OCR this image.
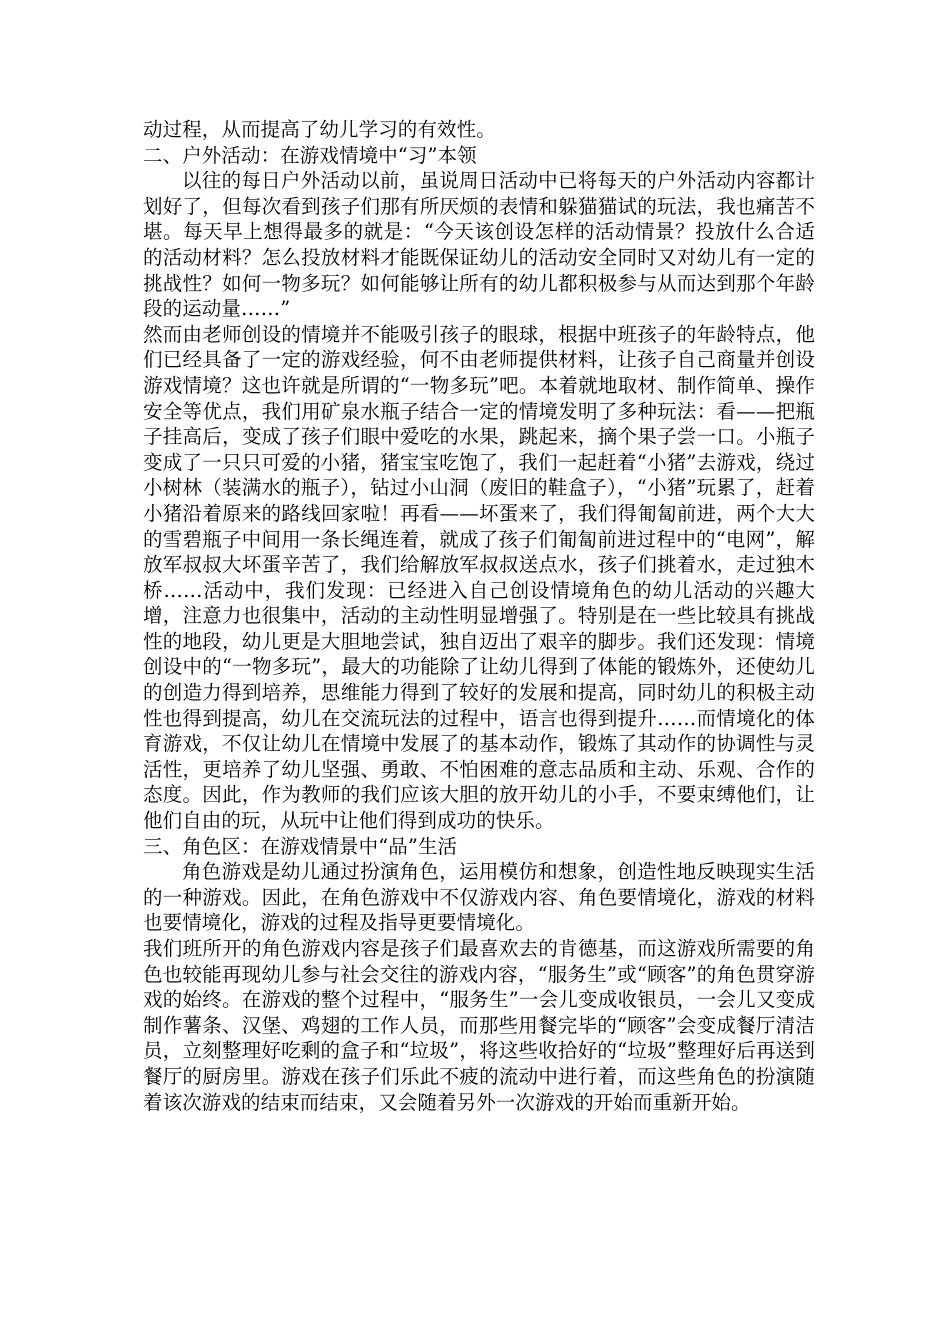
动过程，从而提高了幼儿学习的有效性。

二、户外活动：在游戏情境中“习”本领

以往的每日户外活动以前，虽说周日活动中已将每天的户外活动内容都计划好了，但每次看到孩子们那有所厌烦的表情和躲猫猫试的玩法，我也痛苦不堪。每天早上想得最多的就是：“今天该创设怎样的活动情景？投放什么合适的活动材料？怎么投放材料才能既保证幼儿的活动安全同时又对幼儿有一定的挑战性？如何一物多玩？如何能够让所有的幼儿都积极参与从而达到那个年龄段的运动量……”

然而由老师创设的情境并不能吸引孩子的眼球，根据中班孩子的年龄特点，他们已经具备了一定的游戏经验，何不由老师提供材料，让孩子自己商量并创设游戏情境？这也许就是所谓的“一物多玩”吧。本着就地取材、制作简单、操作安全等优点，我们用矿泉水瓶子结合一定的情境发明了多种玩法：看——把瓶子挂高后，变成了孩子们眼中爱吃的水果，跳起来，摘个果子尝一口。小瓶子变成了一只只可爱的小猪，猪宝宝吃饱了，我们一起赶着“小猪”去游戏，绕过小树林（装满水的瓶子），钻过小山洞（废旧的鞋盒子），“小猪”玩累了，赶着小猪沿着原来的路线回家啦！再看——坏蛋来了，我们得匍匐前进，两个大大的雪碧瓶子中间用一条长绳连着，就成了孩子们匍匐前进过程中的“电网”，解放军叔叔大坏蛋辛苦了，我们给解放军叔叔送点水，孩子们挑着水，走过独木桥……活动中，我们发现：已经进入自己创设情境角色的幼儿活动的兴趣大增，注意力也很集中，活动的主动性明显增强了。特别是在一些比较具有挑战性的地段，幼儿更是大胆地尝试，独自迈出了艰辛的脚步。我们还发现：情境创设中的“一物多玩”，最大的功能除了让幼儿得到了体能的锻炼外，还使幼儿的创造力得到培养，思维能力得到了较好的发展和提高，同时幼儿的积极主动性也得到提高，幼儿在交流玩法的过程中，语言也得到提升……而情境化的体育游戏，不仅让幼儿在情境中发展了的基本动作，锻炼了其动作的协调性与灵活性，更培养了幼儿坚强、勇敢、不怕困难的意志品质和主动、乐观、合作的态度。因此，作为教师的我们应该大胆的放开幼儿的小手，不要束缚他们，让他们自由的玩，从玩中让他们得到成功的快乐。

三、角色区：在游戏情景中“品”生活

角色游戏是幼儿通过扮演角色，运用模仿和想象，创造性地反映现实生活的一种游戏。因此，在角色游戏中不仅游戏内容、角色要情境化，游戏的材料也要情境化，游戏的过程及指导更要情境化。

我们班所开的角色游戏内容是孩子们最喜欢去的肯德基，而这游戏所需要的角色也较能再现幼儿参与社会交往的游戏内容，“服务生”或“顾客”的角色贯穿游戏的始终。在游戏的整个过程中，“服务生”一会儿变成收银员，一会儿又变成制作薯条、汉堡、鸡翅的工作人员，而那些用餐完毕的“顾客”会变成餐厅清洁员，立刻整理好吃剩的盒子和“垃圾”，将这些收拾好的“垃圾”整理好后再送到餐厅的厨房里。游戏在孩子们乐此不疲的流动中进行着，而这些角色的扮演随着该次游戏的结束而结束，又会随着另外一次游戏的开始而重新开始。
